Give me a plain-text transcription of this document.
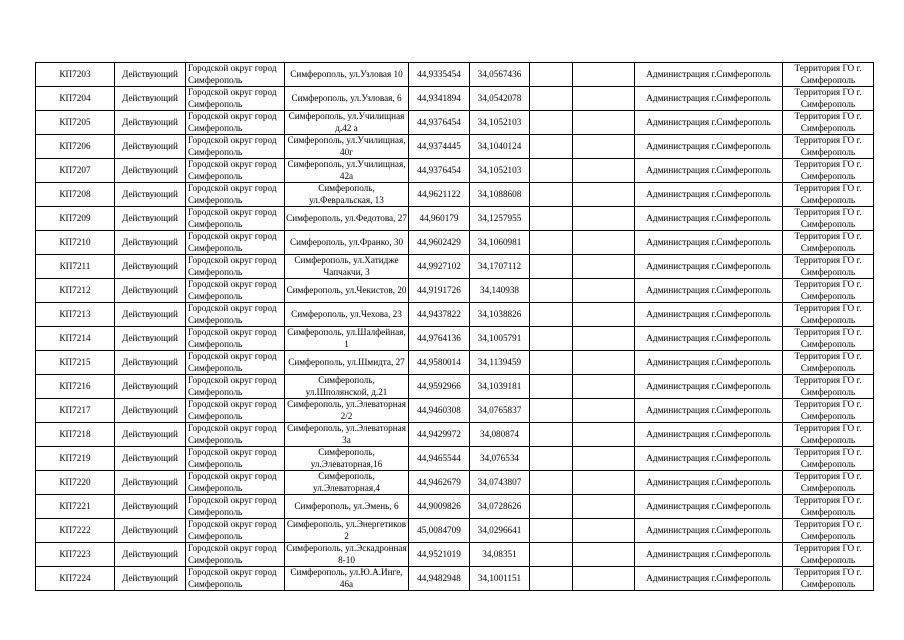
КП7203	Действующий	Городской округ город Симферополь	Симферополь, ул.Узловая 10	44,9335454	34,0567436			Администрация г.Симферополь	Территория ГО г. Симферополь
КП7204	Действующий	Городской округ город Симферополь	Симферополь, ул.Узловая, 6	44,9341894	34,0542078			Администрация г.Симферополь	Территория ГО г. Симферополь
КП7205	Действующий	Городской округ город Симферополь	Симферополь, ул.Училищная д.42 а	44,9376454	34,1052103			Администрация г.Симферополь	Территория ГО г. Симферополь
КП7206	Действующий	Городской округ город Симферополь	Симферополь, ул.Училищная, 40г	44,9374445	34,1040124			Администрация г.Симферополь	Территория ГО г. Симферополь
КП7207	Действующий	Городской округ город Симферополь	Симферополь, ул.Училищная, 42а	44,9376454	34,1052103			Администрация г.Симферополь	Территория ГО г. Симферополь
КП7208	Действующий	Городской округ город Симферополь	Симферополь, ул.Февральская, 13	44,9621122	34,1088608			Администрация г.Симферополь	Территория ГО г. Симферополь
КП7209	Действующий	Городской округ город Симферополь	Симферополь, ул.Федотова, 27	44,960179	34,1257955			Администрация г.Симферополь	Территория ГО г. Симферополь
КП7210	Действующий	Городской округ город Симферополь	Симферополь, ул.Франко, 30	44,9602429	34,1060981			Администрация г.Симферополь	Территория ГО г. Симферополь
КП7211	Действующий	Городской округ город Симферополь	Симферополь, ул.Хатидже Чапчакчи, 3	44,9927102	34,1707112			Администрация г.Симферополь	Территория ГО г. Симферополь
КП7212	Действующий	Городской округ город Симферополь	Симферополь, ул.Чекистов, 20	44,9191726	34,140938			Администрация г.Симферополь	Территория ГО г. Симферополь
КП7213	Действующий	Городской округ город Симферополь	Симферополь, ул.Чехова, 23	44,9437822	34,1038826			Администрация г.Симферополь	Территория ГО г. Симферополь
КП7214	Действующий	Городской округ город Симферополь	Симферополь, ул.Шалфейная, 1	44,9764136	34,1005791			Администрация г.Симферополь	Территория ГО г. Симферополь
КП7215	Действующий	Городской округ город Симферополь	Симферополь, ул.Шмидта, 27	44,9580014	34,1139459			Администрация г.Симферополь	Территория ГО г. Симферополь
КП7216	Действующий	Городской округ город Симферополь	Симферополь, ул.Шполянской, д.21	44,9592966	34,1039181			Администрация г.Симферополь	Территория ГО г. Симферополь
КП7217	Действующий	Городской округ город Симферополь	Симферополь, ул.Элеваторная 2/2	44,9460308	34,0765837			Администрация г.Симферополь	Территория ГО г. Симферополь
КП7218	Действующий	Городской округ город Симферополь	Симферополь, ул.Элеваторная 3а	44,9429972	34,080874			Администрация г.Симферополь	Территория ГО г. Симферополь
КП7219	Действующий	Городской округ город Симферополь	Симферополь, ул.Элеваторная,16	44,9465544	34,076534			Администрация г.Симферополь	Территория ГО г. Симферополь
КП7220	Действующий	Городской округ город Симферополь	Симферополь, ул.Элеваторная,4	44,9462679	34,0743807			Администрация г.Симферополь	Территория ГО г. Симферополь
КП7221	Действующий	Городской округ город Симферополь	Симферополь, ул.Эмень, 6	44,9009826	34,0728626			Администрация г.Симферополь	Территория ГО г. Симферополь
КП7222	Действующий	Городской округ город Симферополь	Симферополь, ул.Энергетиков 2	45,0084709	34,0296641			Администрация г.Симферополь	Территория ГО г. Симферополь
КП7223	Действующий	Городской округ город Симферополь	Симферополь, ул.Эскадронная 8-10	44,9521019	34,08351			Администрация г.Симферополь	Территория ГО г. Симферополь
КП7224	Действующий	Городской округ город Симферополь	Симферополь, ул.Ю.А.Инге, 46а	44,9482948	34,1001151			Администрация г.Симферополь	Территория ГО г. Симферополь
